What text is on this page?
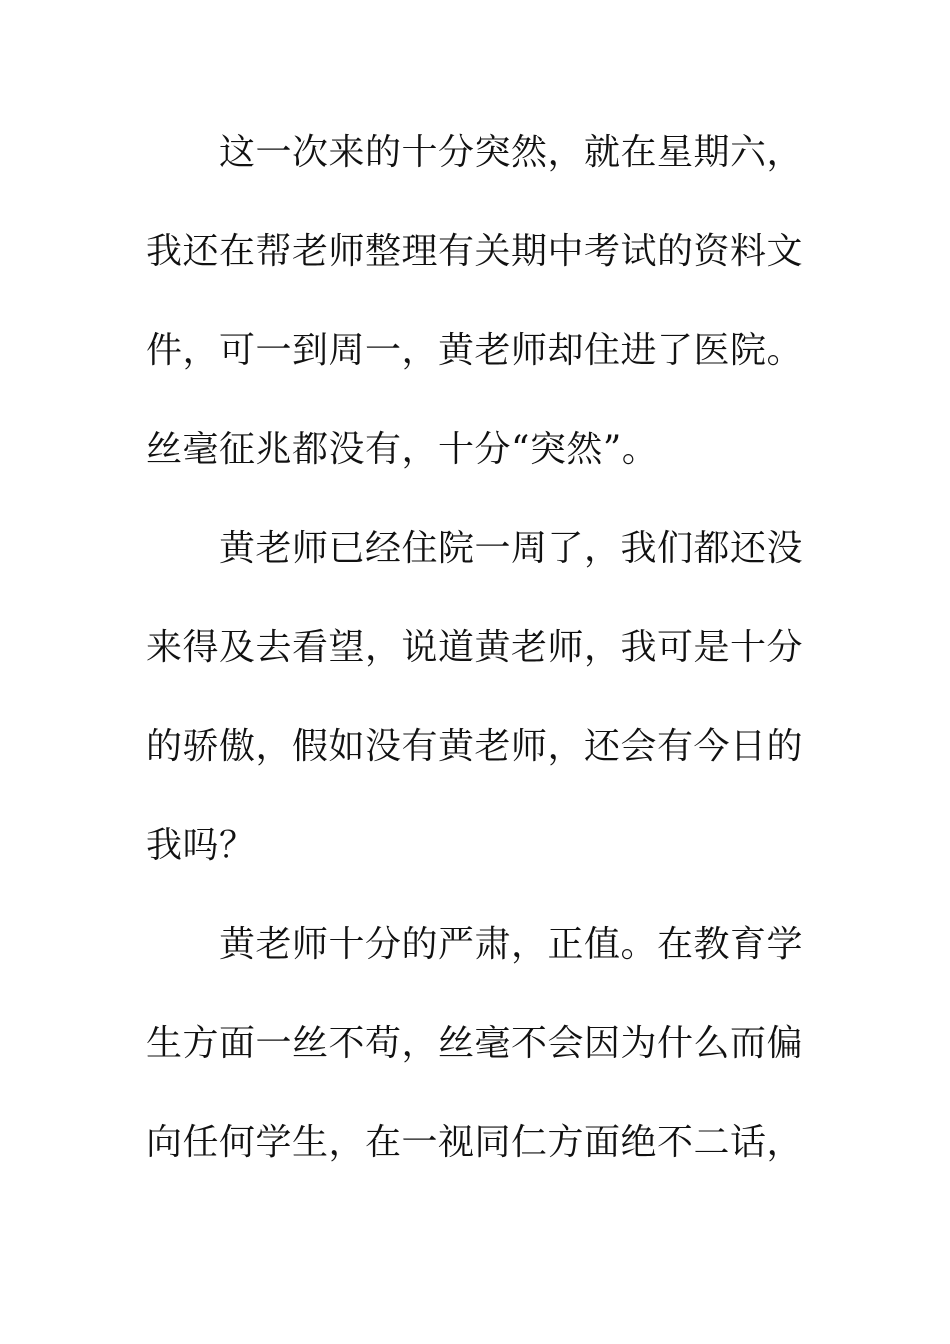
这一次来的十分突然，就在星期六，
我还在帮老师整理有关期中考试的资料文
件，可一到周一，黄老师却住进了医院。
丝毫征兆都没有，十分“突然”。
黄老师已经住院一周了，我们都还没
来得及去看望，说道黄老师，我可是十分
的骄傲，假如没有黄老师，还会有今日的
我吗？
黄老师十分的严肃，正值。在教育学
生方面一丝不苟，丝毫不会因为什么而偏
向任何学生，在一视同仁方面绝不二话，
